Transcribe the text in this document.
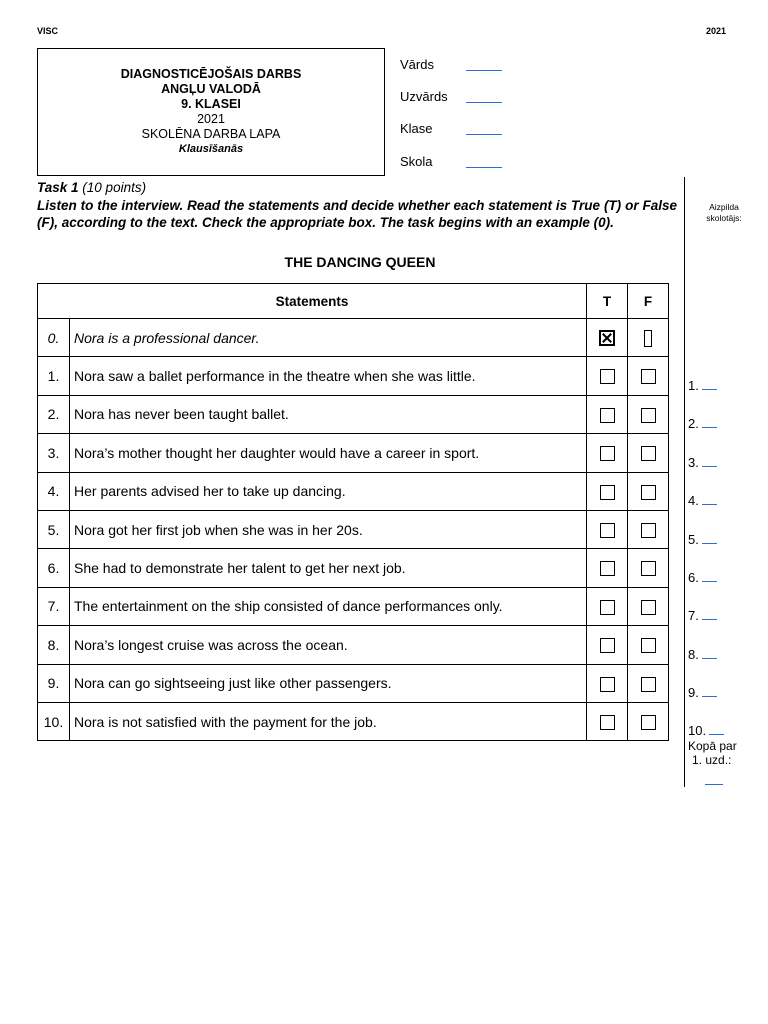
VISC	2021
DIAGNOSTICĒJOŠAIS DARBS
ANGĻU VALODĀ
9. KLASEI
2021
SKOLĒNA DARBA LAPA
Klausīšanās
Vārds
Uzvārds
Klase
Skola
Task 1 (10 points)
Listen to the interview. Read the statements and decide whether each statement is True (T) or False (F), according to the text. Check the appropriate box. The task begins with an example (0).
THE DANCING QUEEN
Statements		T	F
0.	Nora is a professional dancer.		
1.	Nora saw a ballet performance in the theatre when she was little.		
2.	Nora has never been taught ballet.		
3.	Nora’s mother thought her daughter would have a career in sport.		
4.	Her parents advised her to take up dancing.		
5.	Nora got her first job when she was in her 20s.		
6.	She had to demonstrate her talent to get her next job.		
7.	The entertainment on the ship consisted of dance performances only.		
8.	Nora’s longest cruise was across the ocean.		
9.	Nora can go sightseeing just like other passengers.		
10.	Nora is not satisfied with the payment for the job.		
Aizpilda
skolotājs:
1.
2.
3.
4.
5.
6.
7.
8.
9.
10.
Kopā par
1. uzd.:
